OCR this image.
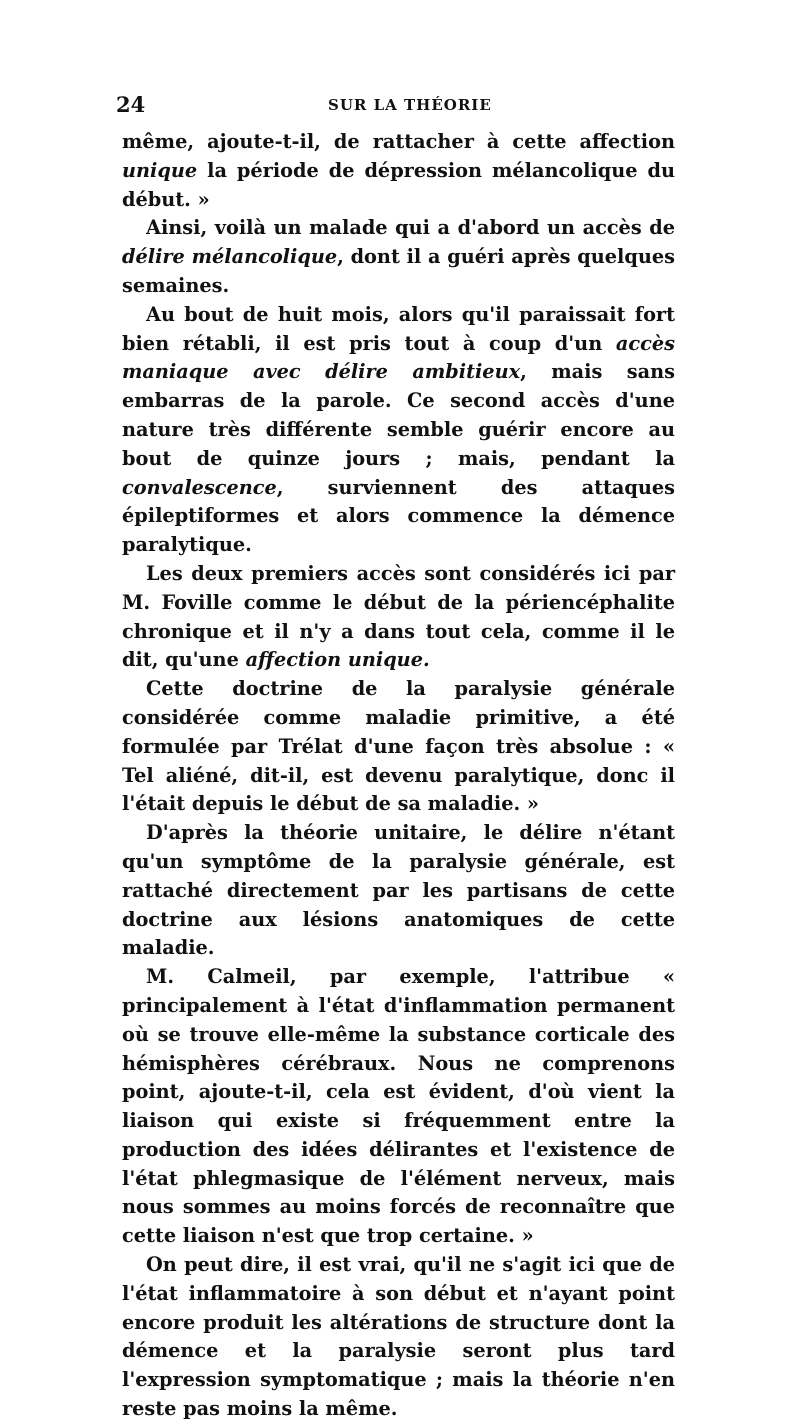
24	SUR LA THÉORIE

même, ajoute-t-il, de rattacher à cette affection unique la période de dépression mélancolique du début. »

Ainsi, voilà un malade qui a d'abord un accès de délire mélancolique, dont il a guéri après quelques semaines.

Au bout de huit mois, alors qu'il paraissait fort bien rétabli, il est pris tout à coup d'un accès maniaque avec délire ambitieux, mais sans embarras de la parole. Ce second accès d'une nature très différente semble guérir encore au bout de quinze jours ; mais, pendant la convalescence, surviennent des attaques épileptiformes et alors commence la démence paralytique.

Les deux premiers accès sont considérés ici par M. Foville comme le début de la périencéphalite chronique et il n'y a dans tout cela, comme il le dit, qu'une affection unique.

Cette doctrine de la paralysie générale considérée comme maladie primitive, a été formulée par Trélat d'une façon très absolue : « Tel aliéné, dit-il, est devenu paralytique, donc il l'était depuis le début de sa maladie. »

D'après la théorie unitaire, le délire n'étant qu'un symptôme de la paralysie générale, est rattaché directement par les partisans de cette doctrine aux lésions anatomiques de cette maladie.

M. Calmeil, par exemple, l'attribue « principalement à l'état d'inflammation permanent où se trouve elle-même la substance corticale des hémisphères cérébraux. Nous ne comprenons point, ajoute-t-il, cela est évident, d'où vient la liaison qui existe si fréquemment entre la production des idées délirantes et l'existence de l'état phlegmasique de l'élément nerveux, mais nous sommes au moins forcés de reconnaître que cette liaison n'est que trop certaine. »

On peut dire, il est vrai, qu'il ne s'agit ici que de l'état inflammatoire à son début et n'ayant point encore produit les altérations de structure dont la démence et la paralysie seront plus tard l'expression symptomatique ; mais la théorie n'en reste pas moins la même.
